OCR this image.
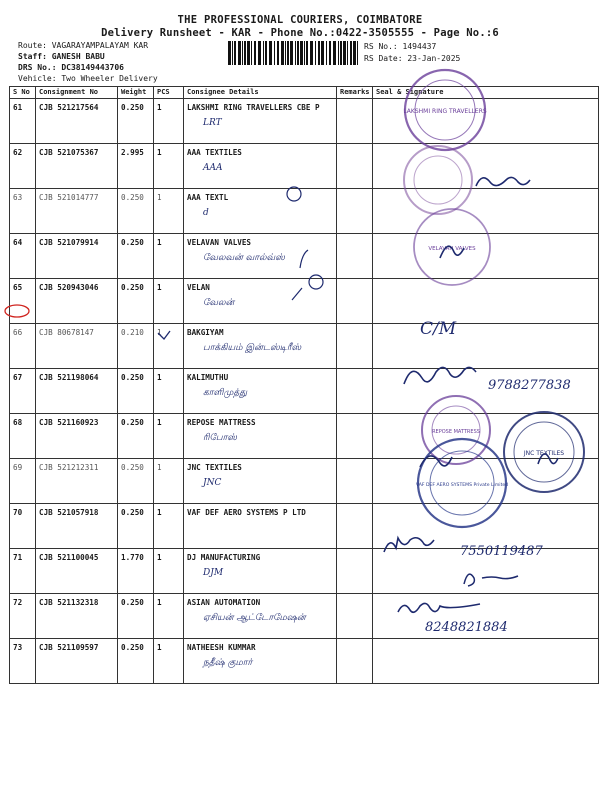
THE PROFESSIONAL COURIERS, COIMBATORE
Delivery Runsheet - KAR - Phone No.:0422-3505555 - Page No.:6
Route: VAGARAYAMPALAYAM KAR
Staff: GANESH BABU
DRS No.: DC38149443706
Vehicle: Two Wheeler Delivery
RS No.: 1494437
RS Date: 23-Jan-2025
S No	Consignment No	Weight	PCS	Consignee Details	Remarks	Seal & Signature
61	CJB 521217564	0.250	1	LAKSHMI RING TRAVELLERS CBE P
LRT		

62	CJB 521075367	2.995	1	AAA TEXTILES
AAA		

63	CJB 521014777	0.250	1	AAA TEXTL
d		

64	CJB 521079914	0.250	1	VELAVAN VALVES
வேலவன் வால்வ்ஸ்		

65	CJB 520943046	0.250	1	VELAN
வேலன்		

66	CJB 80678147	0.210	1	BAKGIYAM
பாக்கியம் இன்டஸ்டிரீஸ்		

67	CJB 521198064	0.250	1	KALIMUTHU
காளிமுத்து		

68	CJB 521160923	0.250	1	REPOSE MATTRESS
ரிபோஸ்		

69	CJB 521212311	0.250	1	JNC TEXTILES
JNC		

70	CJB 521057918	0.250	1	VAF DEF AERO SYSTEMS P LTD

71	CJB 521100045	1.770	1	DJ MANUFACTURING
DJM		

72	CJB 521132318	0.250	1	ASIAN AUTOMATION
ஏசியன் ஆட்டோமேஷன்		

73	CJB 521109597	0.250	1	NATHEESH KUMMAR
நதீஷ் குமார்		

LAKSHMI RING TRAVELLERS
VELAVAN VALVES
C/M
9788277838
REPOSE MATTRESS
JNC TEXTILES
VAF DEF AERO SYSTEMS Private Limited
7550119487
8248821884
